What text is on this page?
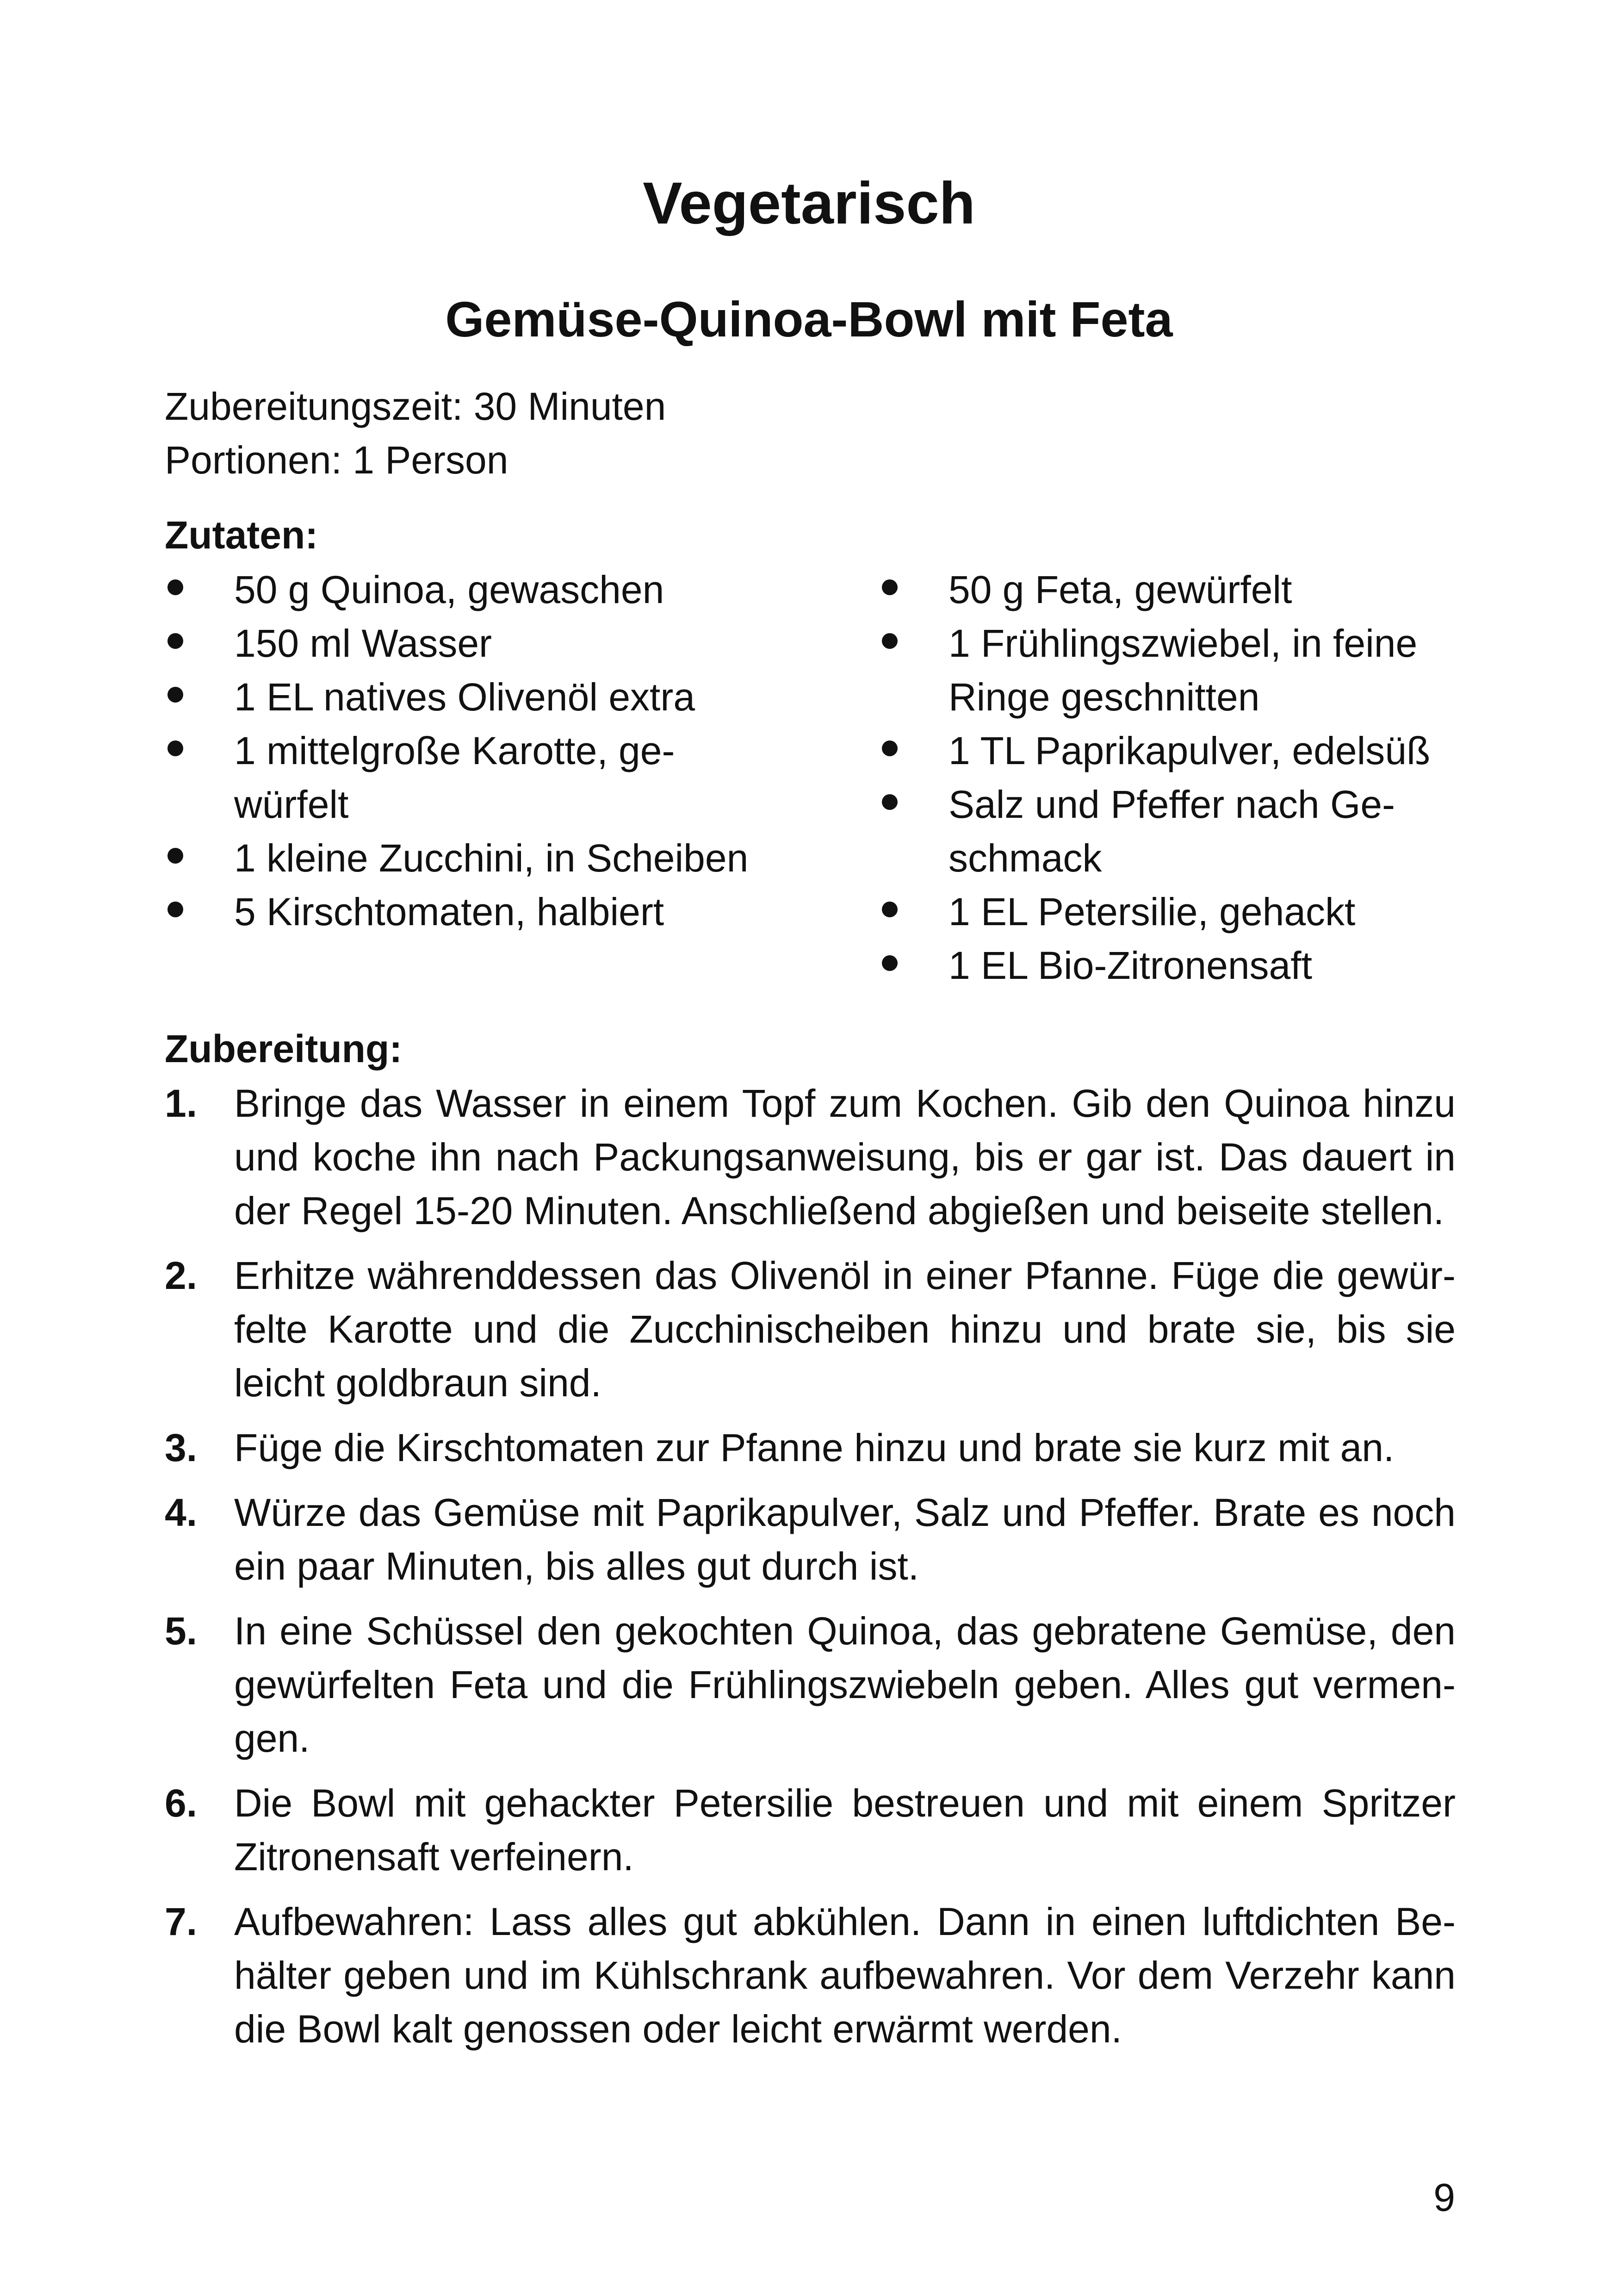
Vegetarisch
Gemüse-Quinoa-Bowl mit Feta
Zubereitungszeit: 30 Minuten
Portionen: 1 Person
Zutaten:
50 g Quinoa, gewaschen
150 ml Wasser
1 EL natives Olivenöl extra
1 mittelgroße Karotte, gewürfelt
1 kleine Zucchini, in Scheiben
5 Kirschtomaten, halbiert
50 g Feta, gewürfelt
1 Frühlingszwiebel, in feine Ringe geschnitten
1 TL Paprikapulver, edelsüß
Salz und Pfeffer nach Geschmack
1 EL Petersilie, gehackt
1 EL Bio-Zitronensaft
Zubereitung:
1. Bringe das Wasser in einem Topf zum Kochen. Gib den Quinoa hinzu und koche ihn nach Packungsanweisung, bis er gar ist. Das dauert in der Regel 15-20 Minuten. Anschließend abgießen und beiseite stellen.
2. Erhitze währenddessen das Olivenöl in einer Pfanne. Füge die gewürfelte Karotte und die Zucchinischeiben hinzu und brate sie, bis sie leicht goldbraun sind.
3. Füge die Kirschtomaten zur Pfanne hinzu und brate sie kurz mit an.
4. Würze das Gemüse mit Paprikapulver, Salz und Pfeffer. Brate es noch ein paar Minuten, bis alles gut durch ist.
5. In eine Schüssel den gekochten Quinoa, das gebratene Gemüse, den gewürfelten Feta und die Frühlingszwiebeln geben. Alles gut vermengen.
6. Die Bowl mit gehackter Petersilie bestreuen und mit einem Spritzer Zitronensaft verfeinern.
7. Aufbewahren: Lass alles gut abkühlen. Dann in einen luftdichten Behälter geben und im Kühlschrank aufbewahren. Vor dem Verzehr kann die Bowl kalt genossen oder leicht erwärmt werden.
9
